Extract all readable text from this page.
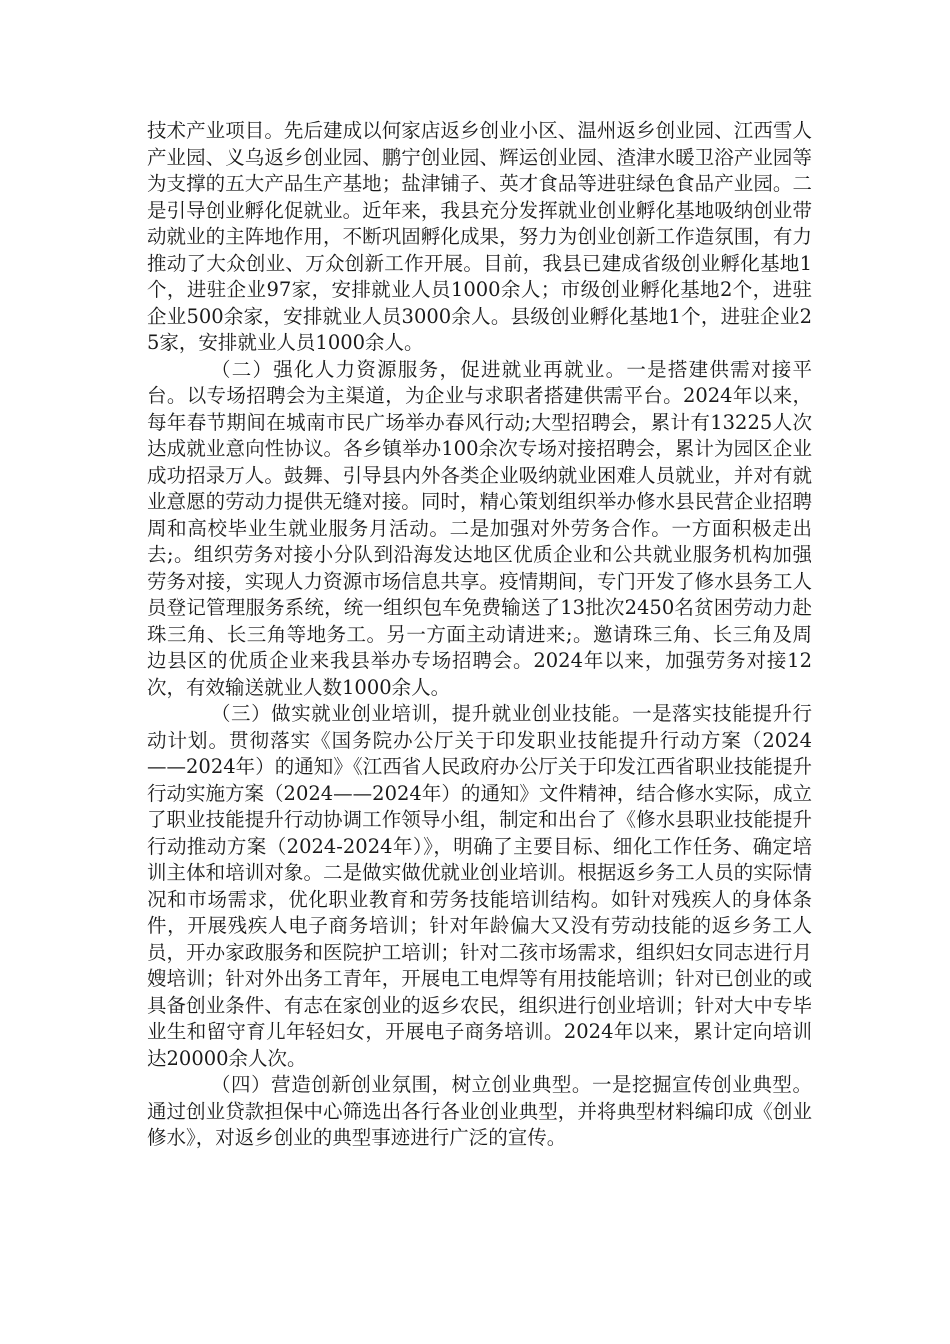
技术产业项目。先后建成以何家店返乡创业小区、温州返乡创业园、江西雪人产业园、义乌返乡创业园、鹏宁创业园、辉运创业园、渣津水暖卫浴产业园等为支撑的五大产品生产基地；盐津铺子、英才食品等进驻绿色食品产业园。二是引导创业孵化促就业。近年来，我县充分发挥就业创业孵化基地吸纳创业带动就业的主阵地作用，不断巩固孵化成果，努力为创业创新工作造氛围，有力推动了大众创业、万众创新工作开展。目前，我县已建成省级创业孵化基地1个，进驻企业97家，安排就业人员1000余人；市级创业孵化基地2个，进驻企业500余家，安排就业人员3000余人。县级创业孵化基地1个，进驻企业25家，安排就业人员1000余人。

（二）强化人力资源服务，促进就业再就业。一是搭建供需对接平台。以专场招聘会为主渠道，为企业与求职者搭建供需平台。2024年以来，每年春节期间在城南市民广场举办春风行动;大型招聘会，累计有13225人次达成就业意向性协议。各乡镇举办100余次专场对接招聘会，累计为园区企业成功招录万人。鼓舞、引导县内外各类企业吸纳就业困难人员就业，并对有就业意愿的劳动力提供无缝对接。同时，精心策划组织举办修水县民营企业招聘周和高校毕业生就业服务月活动。二是加强对外劳务合作。一方面积极走出去;。组织劳务对接小分队到沿海发达地区优质企业和公共就业服务机构加强劳务对接，实现人力资源市场信息共享。疫情期间，专门开发了修水县务工人员登记管理服务系统，统一组织包车免费输送了13批次2450名贫困劳动力赴珠三角、长三角等地务工。另一方面主动请进来;。邀请珠三角、长三角及周边县区的优质企业来我县举办专场招聘会。2024年以来，加强劳务对接12次，有效输送就业人数1000余人。

（三）做实就业创业培训，提升就业创业技能。一是落实技能提升行动计划。贯彻落实《国务院办公厅关于印发职业技能提升行动方案（2024——2024年）的通知》《江西省人民政府办公厅关于印发江西省职业技能提升行动实施方案（2024——2024年）的通知》文件精神，结合修水实际，成立了职业技能提升行动协调工作领导小组，制定和出台了《修水县职业技能提升行动推动方案（2024-2024年）》，明确了主要目标、细化工作任务、确定培训主体和培训对象。二是做实做优就业创业培训。根据返乡务工人员的实际情况和市场需求，优化职业教育和劳务技能培训结构。如针对残疾人的身体条件，开展残疾人电子商务培训；针对年龄偏大又没有劳动技能的返乡务工人员，开办家政服务和医院护工培训；针对二孩市场需求，组织妇女同志进行月嫂培训；针对外出务工青年，开展电工电焊等有用技能培训；针对已创业的或具备创业条件、有志在家创业的返乡农民，组织进行创业培训；针对大中专毕业生和留守育儿年轻妇女，开展电子商务培训。2024年以来，累计定向培训达20000余人次。

（四）营造创新创业氛围，树立创业典型。一是挖掘宣传创业典型。通过创业贷款担保中心筛选出各行各业创业典型，并将典型材料编印成《创业修水》，对返乡创业的典型事迹进行广泛的宣传。
